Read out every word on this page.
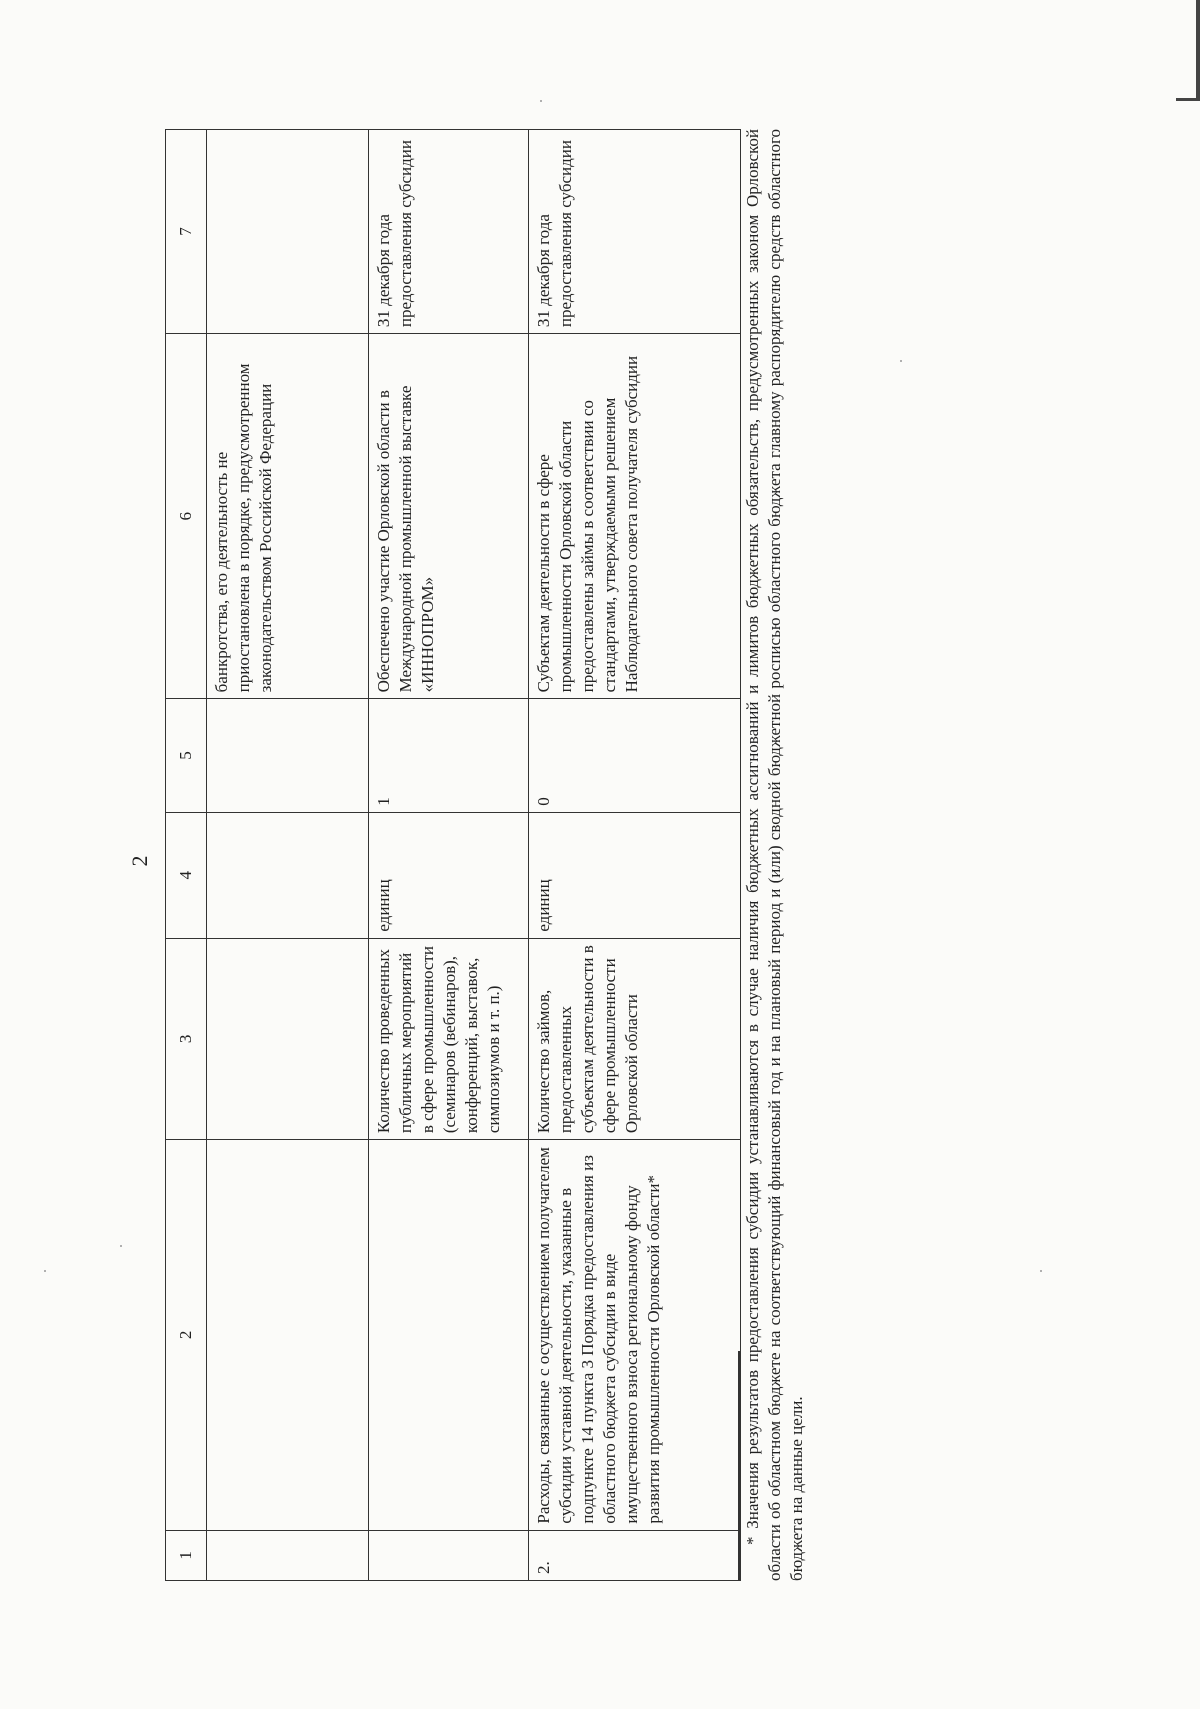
2
1	2	3	4	5	6	7
					банкротства, его деятельность не приостановлена в порядке, предусмотренном законодательством Российской Федерации	
		Количество проведенных публичных мероприятий в сфере промышленности (семинаров (вебинаров), конференций, выставок, симпозиумов и т. п.)	единиц	1	Обеспечено участие Орловской области в Международной промышленной выставке «ИННОПРОМ»	31 декабря года предоставления субсидии
2.	Расходы, связанные с осуществлением получателем субсидии уставной деятельности, указанные в подпункте 14 пункта 3 Порядка предоставления из областного бюджета субсидии в виде имущественного взноса региональному фонду развития промышленности Орловской области*	Количество займов, предоставленных субъектам деятельности в сфере промышленности Орловской области	единиц	0	Субъектам деятельности в сфере промышленности Орловской области предоставлены займы в соответствии со стандартами, утверждаемыми решением Наблюдательного совета получателя субсидии	31 декабря года предоставления субсидии	* Значения результатов предоставления субсидии устанавливаются в случае наличия бюджетных ассигнований и лимитов бюджетных обязательств, предусмотренных законом Орловской области об областном бюджете на соответствующий финансовый год и на плановый период и (или) сводной бюджетной росписью областного бюджета главному распорядителю средств областного бюджета на данные цели.
